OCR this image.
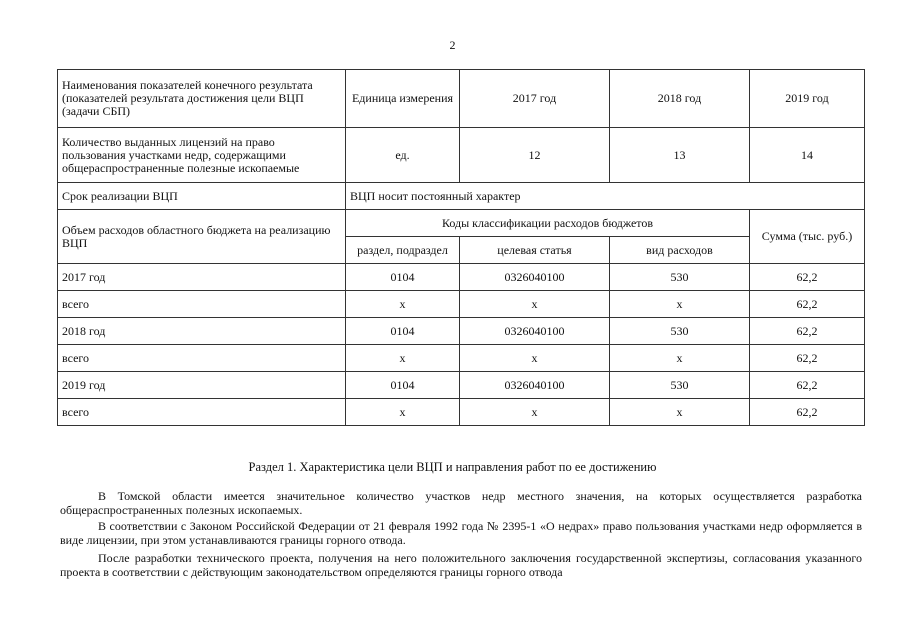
2
Наименования показателей конечного результата (показателей результата достижения цели ВЦП (задачи СБП)	Единица измерения	2017 год	2018 год	2019 год
Количество выданных лицензий на право пользования участками недр, содержащими общераспространенные полезные ископаемые	ед.	12	13	14
Срок реализации ВЦП	ВЦП носит постоянный характер			
Объем расходов областного бюджета на реализацию ВЦП	Коды классификации расходов бюджетов			Сумма (тыс. руб.)
	раздел, подраздел	целевая статья	вид расходов	
2017 год	0104	0326040100	530	62,2
всего	x	x	x	62,2
2018 год	0104	0326040100	530	62,2
всего	x	x	x	62,2
2019 год	0104	0326040100	530	62,2
всего	x	x	x	62,2
Раздел 1. Характеристика цели ВЦП и направления работ по ее достижению

В Томской области имеется значительное количество участков недр местного значения, на которых осуществляется разработка общераспространенных полезных ископаемых.

В соответствии с Законом Российской Федерации от 21 февраля 1992 года № 2395-1 «О недрах» право пользования участками недр оформляется в виде лицензии, при этом устанавливаются границы горного отвода.

После разработки технического проекта, получения на него положительного заключения государственной экспертизы, согласования указанного проекта в соответствии с действующим законодательством определяются границы горного отвода
